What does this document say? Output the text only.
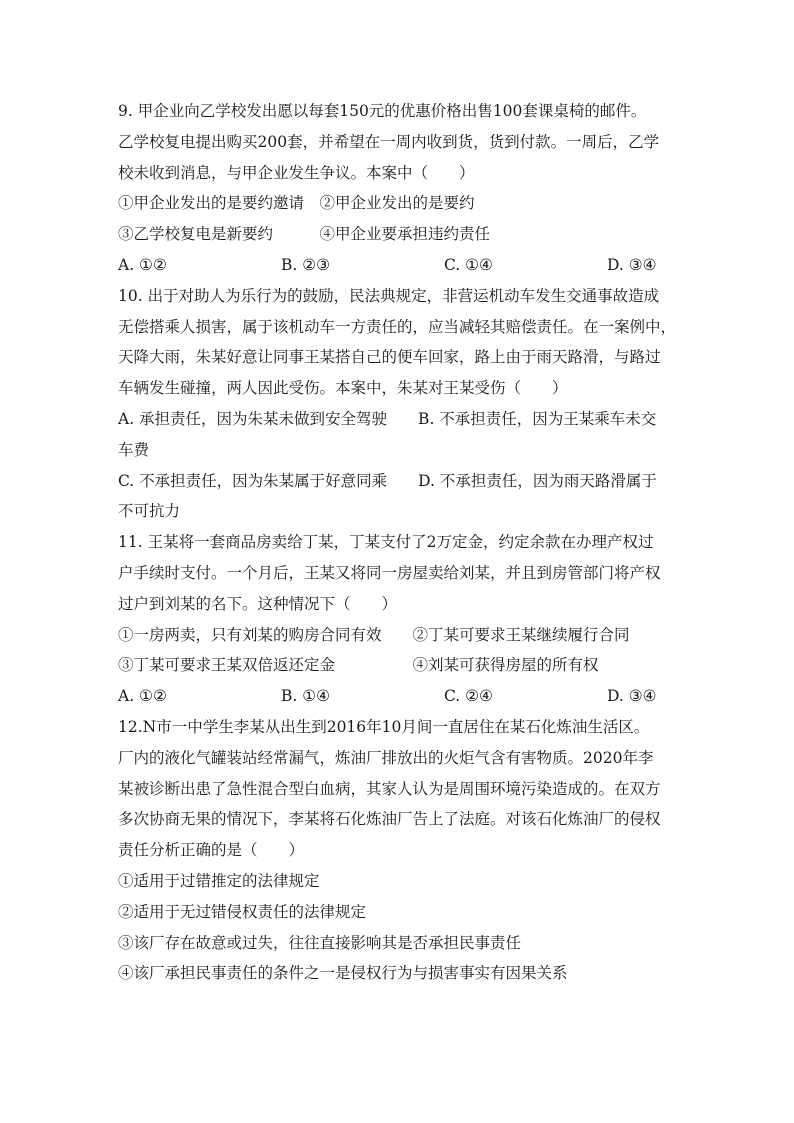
9. 甲企业向乙学校发出愿以每套150元的优惠价格出售100套课桌椅的邮件。
乙学校复电提出购买200套，并希望在一周内收到货，货到付款。一周后，乙学
校未收到消息，与甲企业发生争议。本案中（　　）
①甲企业发出的是要约邀请　②甲企业发出的是要约
③乙学校复电是新要约　　　④甲企业要承担违约责任
A. ①②	B. ②③	C. ①④	D. ③④
10. 出于对助人为乐行为的鼓励，民法典规定，非营运机动车发生交通事故造成
无偿搭乘人损害，属于该机动车一方责任的，应当减轻其赔偿责任。在一案例中，
天降大雨，朱某好意让同事王某搭自己的便车回家，路上由于雨天路滑，与路过
车辆发生碰撞，两人因此受伤。本案中，朱某对王某受伤（　　）
A. 承担责任，因为朱某未做到安全驾驶　　B. 不承担责任，因为王某乘车未交
车费
C. 不承担责任，因为朱某属于好意同乘　　D. 不承担责任，因为雨天路滑属于
不可抗力
11. 王某将一套商品房卖给丁某，丁某支付了2万定金，约定余款在办理产权过
户手续时支付。一个月后，王某又将同一房屋卖给刘某，并且到房管部门将产权
过户到刘某的名下。这种情况下（　　）
①一房两卖，只有刘某的购房合同有效　　②丁某可要求王某继续履行合同
③丁某可要求王某双倍返还定金　　　　　④刘某可获得房屋的所有权
A. ①②	B. ①④	C. ②④	D. ③④
12.N市一中学生李某从出生到2016年10月间一直居住在某石化炼油生活区。
厂内的液化气罐装站经常漏气，炼油厂排放出的火炬气含有害物质。2020年李
某被诊断出患了急性混合型白血病，其家人认为是周围环境污染造成的。在双方
多次协商无果的情况下，李某将石化炼油厂告上了法庭。对该石化炼油厂的侵权
责任分析正确的是（　　）
①适用于过错推定的法律规定
②适用于无过错侵权责任的法律规定
③该厂存在故意或过失，往往直接影响其是否承担民事责任
④该厂承担民事责任的条件之一是侵权行为与损害事实有因果关系
